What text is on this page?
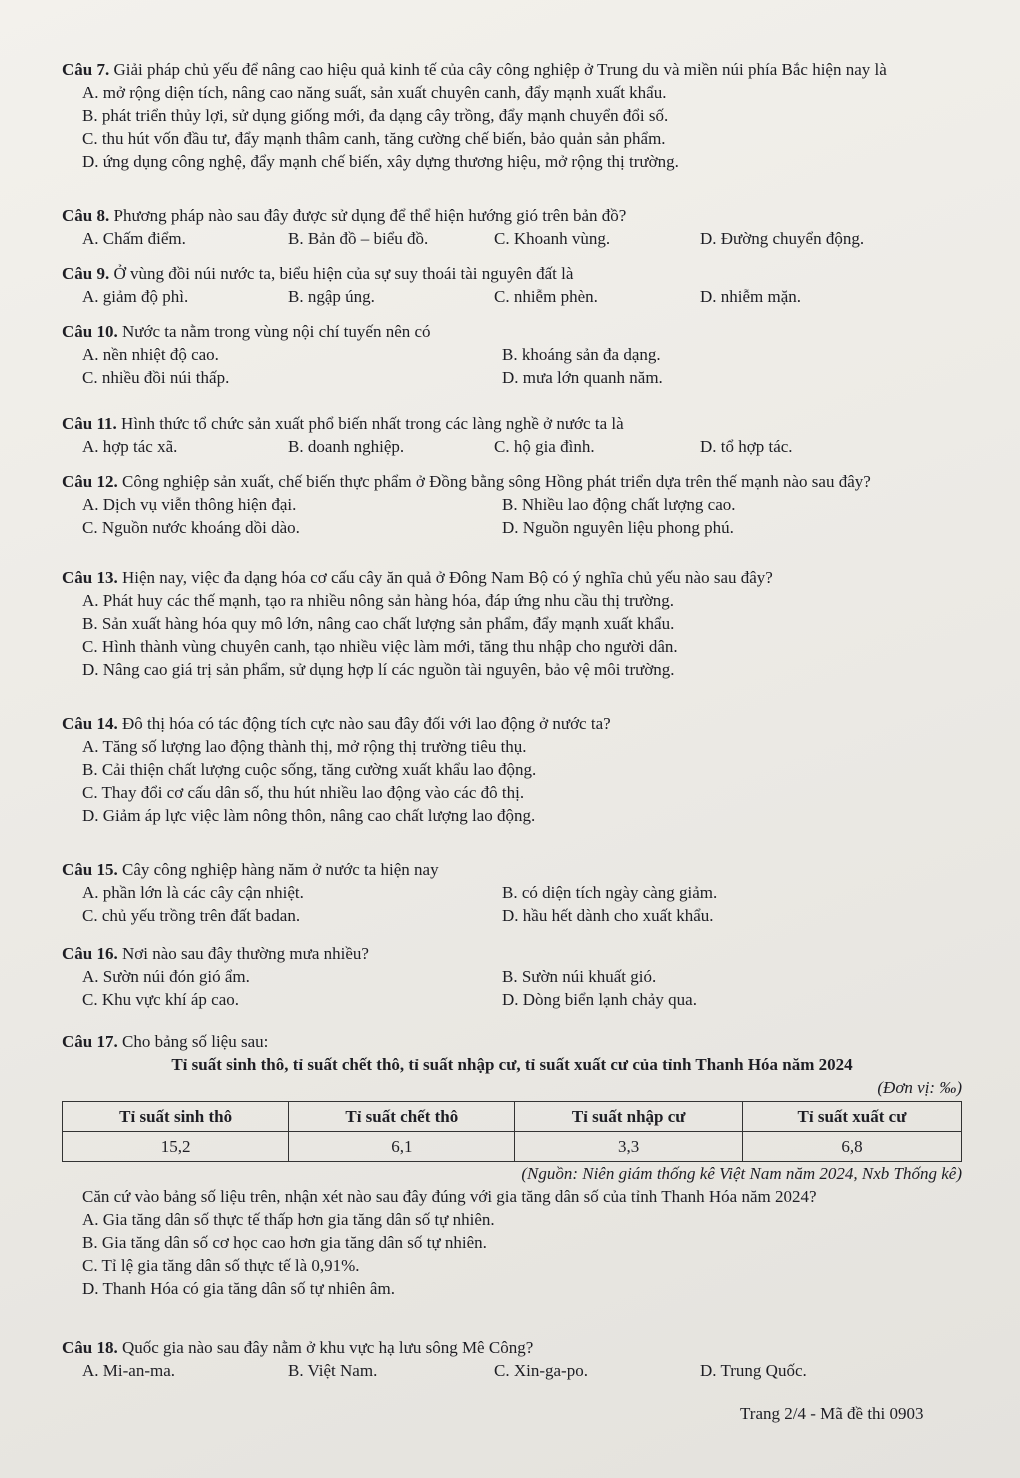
Câu 7. Giải pháp chủ yếu để nâng cao hiệu quả kinh tế của cây công nghiệp ở Trung du và miền núi phía Bắc hiện nay là
A. mở rộng diện tích, nâng cao năng suất, sản xuất chuyên canh, đẩy mạnh xuất khẩu.
B. phát triển thủy lợi, sử dụng giống mới, đa dạng cây trồng, đẩy mạnh chuyển đổi số.
C. thu hút vốn đầu tư, đẩy mạnh thâm canh, tăng cường chế biến, bảo quản sản phẩm.
D. ứng dụng công nghệ, đẩy mạnh chế biến, xây dựng thương hiệu, mở rộng thị trường.
Câu 8. Phương pháp nào sau đây được sử dụng để thể hiện hướng gió trên bản đồ?
A. Chấm điểm.	B. Bản đồ – biểu đồ.	C. Khoanh vùng.	D. Đường chuyển động.
Câu 9. Ở vùng đồi núi nước ta, biểu hiện của sự suy thoái tài nguyên đất là
A. giảm độ phì.	B. ngập úng.	C. nhiễm phèn.	D. nhiễm mặn.
Câu 10. Nước ta nằm trong vùng nội chí tuyến nên có
A. nền nhiệt độ cao.	B. khoáng sản đa dạng.
C. nhiều đồi núi thấp.	D. mưa lớn quanh năm.
Câu 11. Hình thức tổ chức sản xuất phổ biến nhất trong các làng nghề ở nước ta là
A. hợp tác xã.	B. doanh nghiệp.	C. hộ gia đình.	D. tổ hợp tác.
Câu 12. Công nghiệp sản xuất, chế biến thực phẩm ở Đồng bằng sông Hồng phát triển dựa trên thế mạnh nào sau đây?
A. Dịch vụ viễn thông hiện đại.	B. Nhiều lao động chất lượng cao.
C. Nguồn nước khoáng dồi dào.	D. Nguồn nguyên liệu phong phú.
Câu 13. Hiện nay, việc đa dạng hóa cơ cấu cây ăn quả ở Đông Nam Bộ có ý nghĩa chủ yếu nào sau đây?
A. Phát huy các thế mạnh, tạo ra nhiều nông sản hàng hóa, đáp ứng nhu cầu thị trường.
B. Sản xuất hàng hóa quy mô lớn, nâng cao chất lượng sản phẩm, đẩy mạnh xuất khẩu.
C. Hình thành vùng chuyên canh, tạo nhiều việc làm mới, tăng thu nhập cho người dân.
D. Nâng cao giá trị sản phẩm, sử dụng hợp lí các nguồn tài nguyên, bảo vệ môi trường.
Câu 14. Đô thị hóa có tác động tích cực nào sau đây đối với lao động ở nước ta?
A. Tăng số lượng lao động thành thị, mở rộng thị trường tiêu thụ.
B. Cải thiện chất lượng cuộc sống, tăng cường xuất khẩu lao động.
C. Thay đổi cơ cấu dân số, thu hút nhiều lao động vào các đô thị.
D. Giảm áp lực việc làm nông thôn, nâng cao chất lượng lao động.
Câu 15. Cây công nghiệp hàng năm ở nước ta hiện nay
A. phần lớn là các cây cận nhiệt.	B. có diện tích ngày càng giảm.
C. chủ yếu trồng trên đất badan.	D. hầu hết dành cho xuất khẩu.
Câu 16. Nơi nào sau đây thường mưa nhiều?
A. Sườn núi đón gió ẩm.	B. Sườn núi khuất gió.
C. Khu vực khí áp cao.	D. Dòng biển lạnh chảy qua.
Câu 17. Cho bảng số liệu sau:
Tỉ suất sinh thô, tỉ suất chết thô, tỉ suất nhập cư, tỉ suất xuất cư của tỉnh Thanh Hóa năm 2024
(Đơn vị: ‰)
Tỉ suất sinh thô	Tỉ suất chết thô	Tỉ suất nhập cư	Tỉ suất xuất cư
15,2	6,1	3,3	6,8
(Nguồn: Niên giám thống kê Việt Nam năm 2024, Nxb Thống kê)
Căn cứ vào bảng số liệu trên, nhận xét nào sau đây đúng với gia tăng dân số của tỉnh Thanh Hóa năm 2024?
A. Gia tăng dân số thực tế thấp hơn gia tăng dân số tự nhiên.
B. Gia tăng dân số cơ học cao hơn gia tăng dân số tự nhiên.
C. Tỉ lệ gia tăng dân số thực tế là 0,91%.
D. Thanh Hóa có gia tăng dân số tự nhiên âm.
Câu 18. Quốc gia nào sau đây nằm ở khu vực hạ lưu sông Mê Công?
A. Mi-an-ma.	B. Việt Nam.	C. Xin-ga-po.	D. Trung Quốc.
Trang 2/4 - Mã đề thi 0903
